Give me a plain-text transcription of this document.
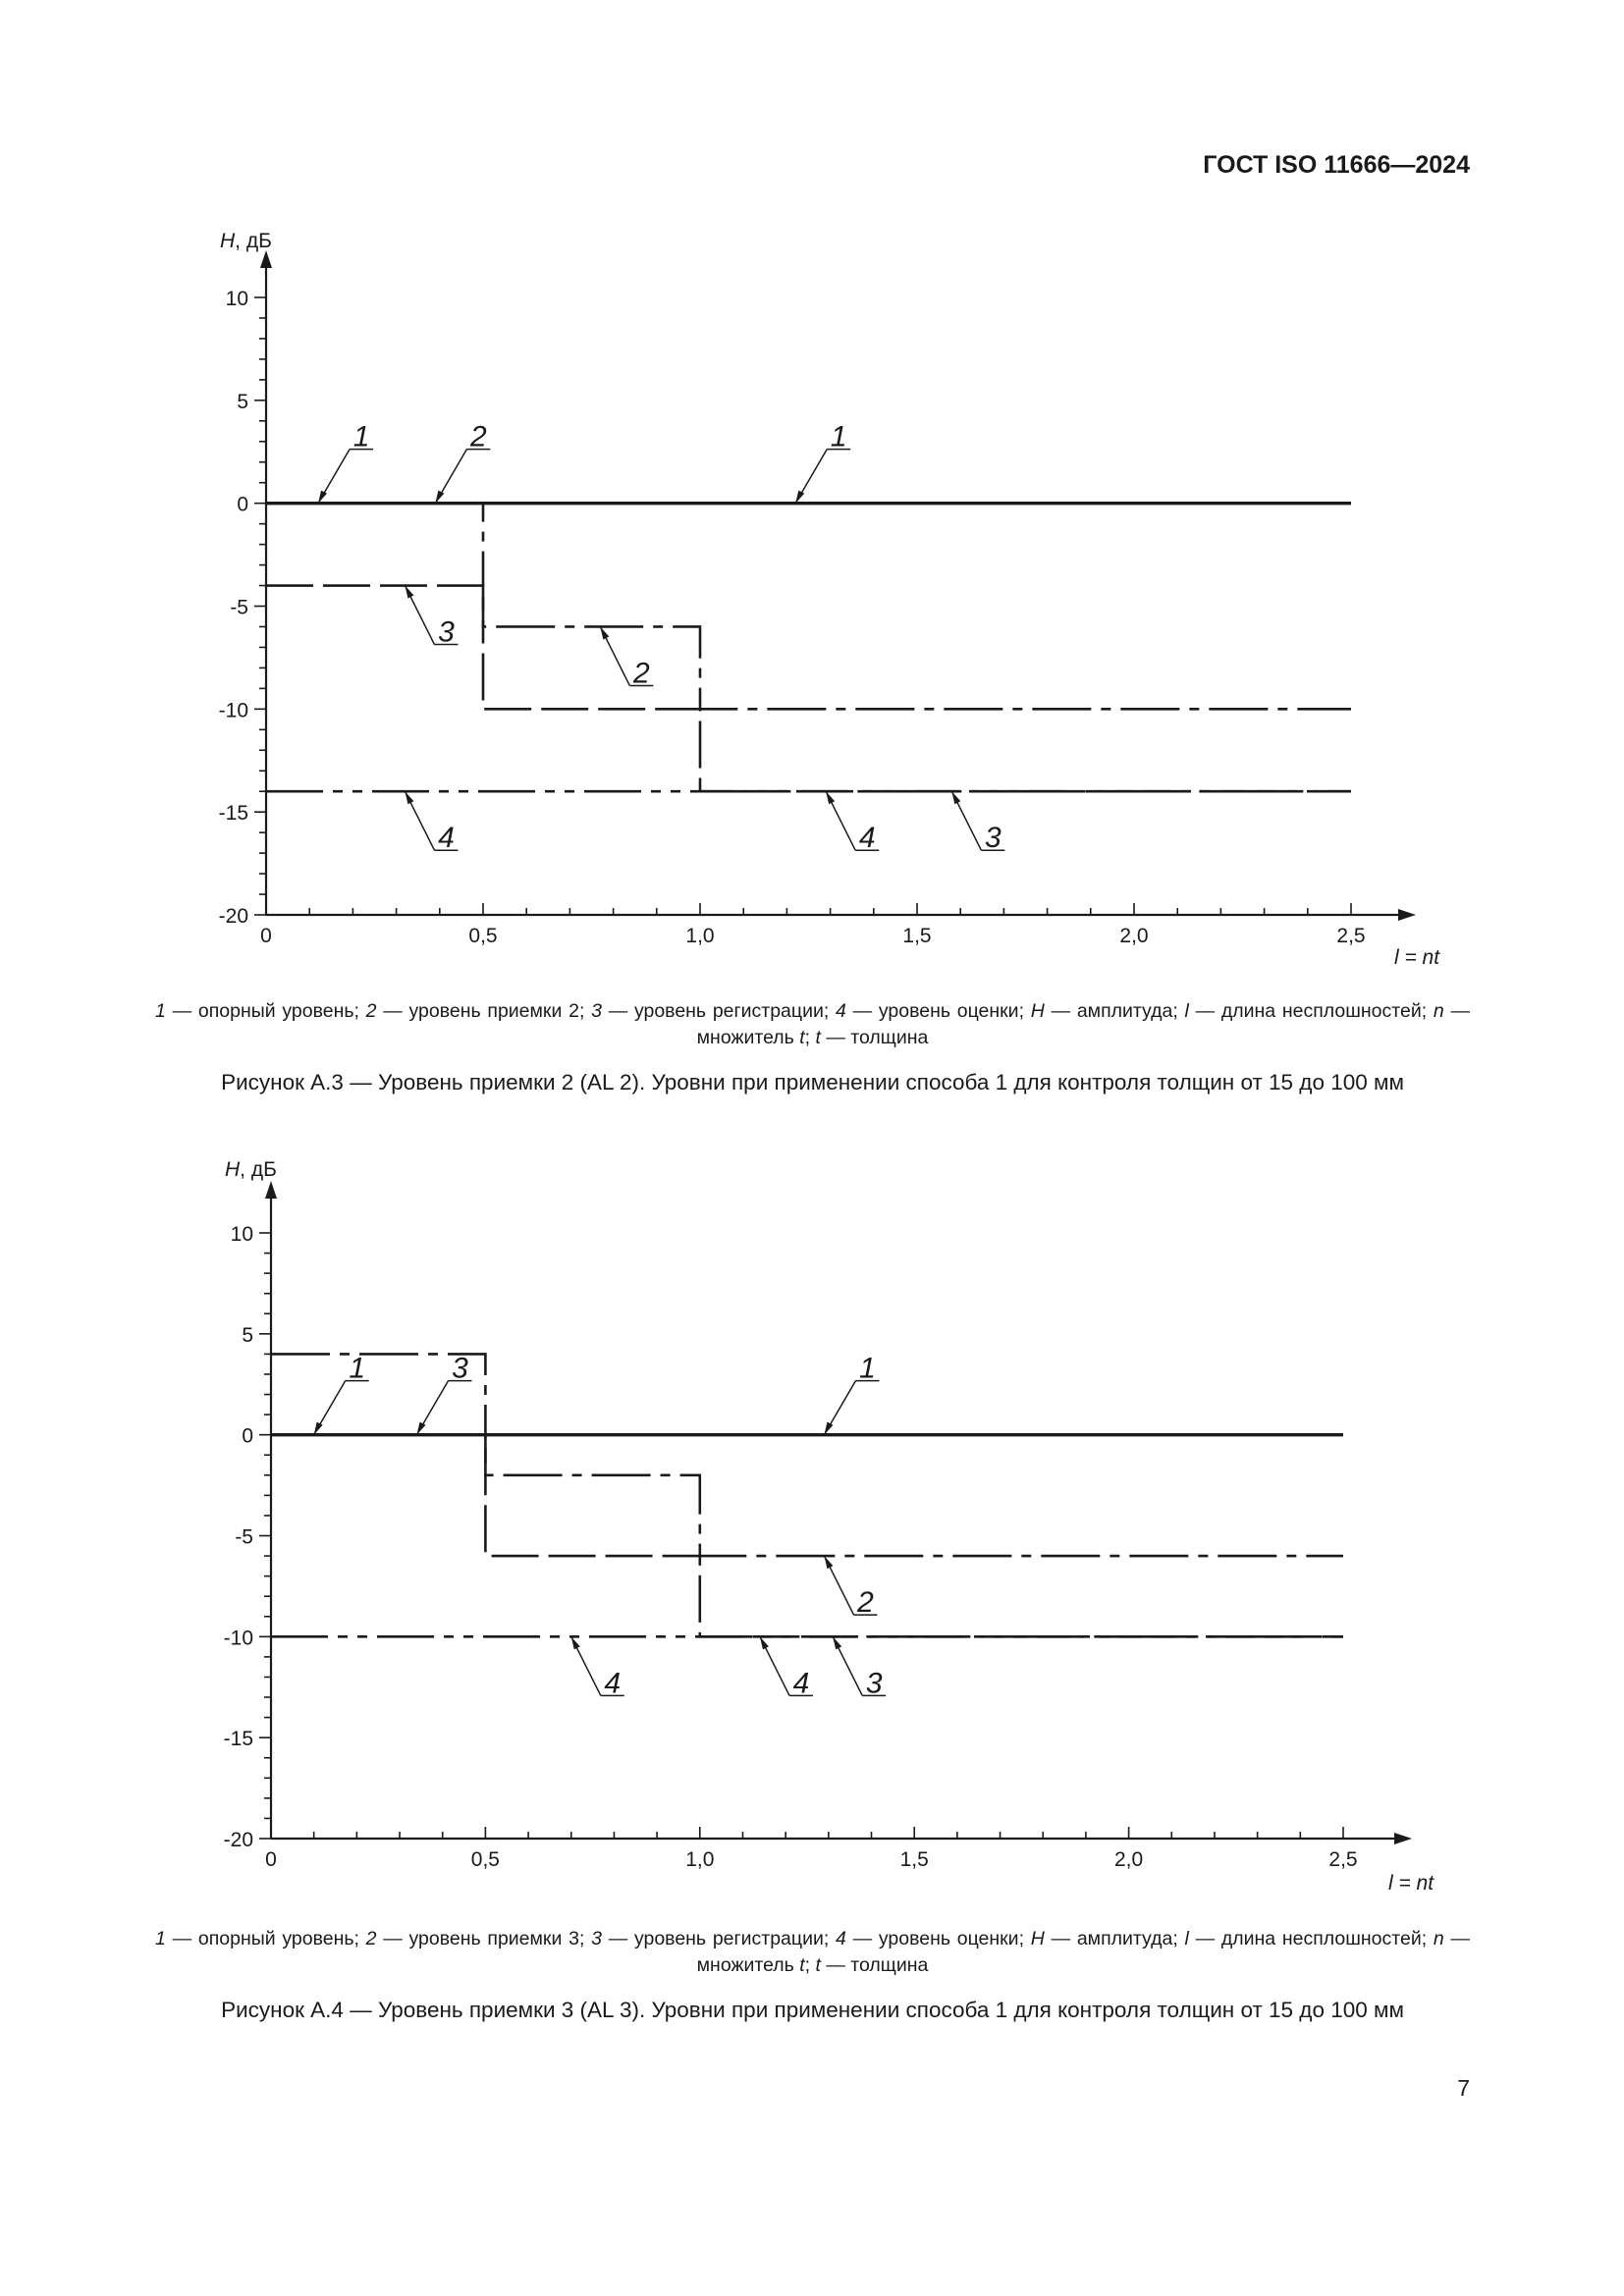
ГОСТ ISO 11666—2024
10
5
0
-5
-10
-15
-20
0	0,5	1,0	1,5	2,0	2,5
H, дБ
l = nt
1	2	1
2
3
4	4	3
1 — опорный уровень; 2 — уровень приемки 2; 3 — уровень регистрации; 4 — уровень оценки; H — амплитуда; l — длина несплошностей; n — множитель t; t — толщина
Рисунок А.3 — Уровень приемки 2 (AL 2). Уровни при применении способа 1 для контроля толщин от 15 до 100 мм
10
5
0
-5
-10
-15
-20
0	0,5	1,0	1,5	2,0	2,5
H, дБ
l = nt
1	3	1
2
4	4 3
1 — опорный уровень; 2 — уровень приемки 3; 3 — уровень регистрации; 4 — уровень оценки; H — амплитуда; l — длина несплошностей; n — множитель t; t — толщина
Рисунок А.4 — Уровень приемки 3 (AL 3). Уровни при применении способа 1 для контроля толщин от 15 до 100 мм
7
